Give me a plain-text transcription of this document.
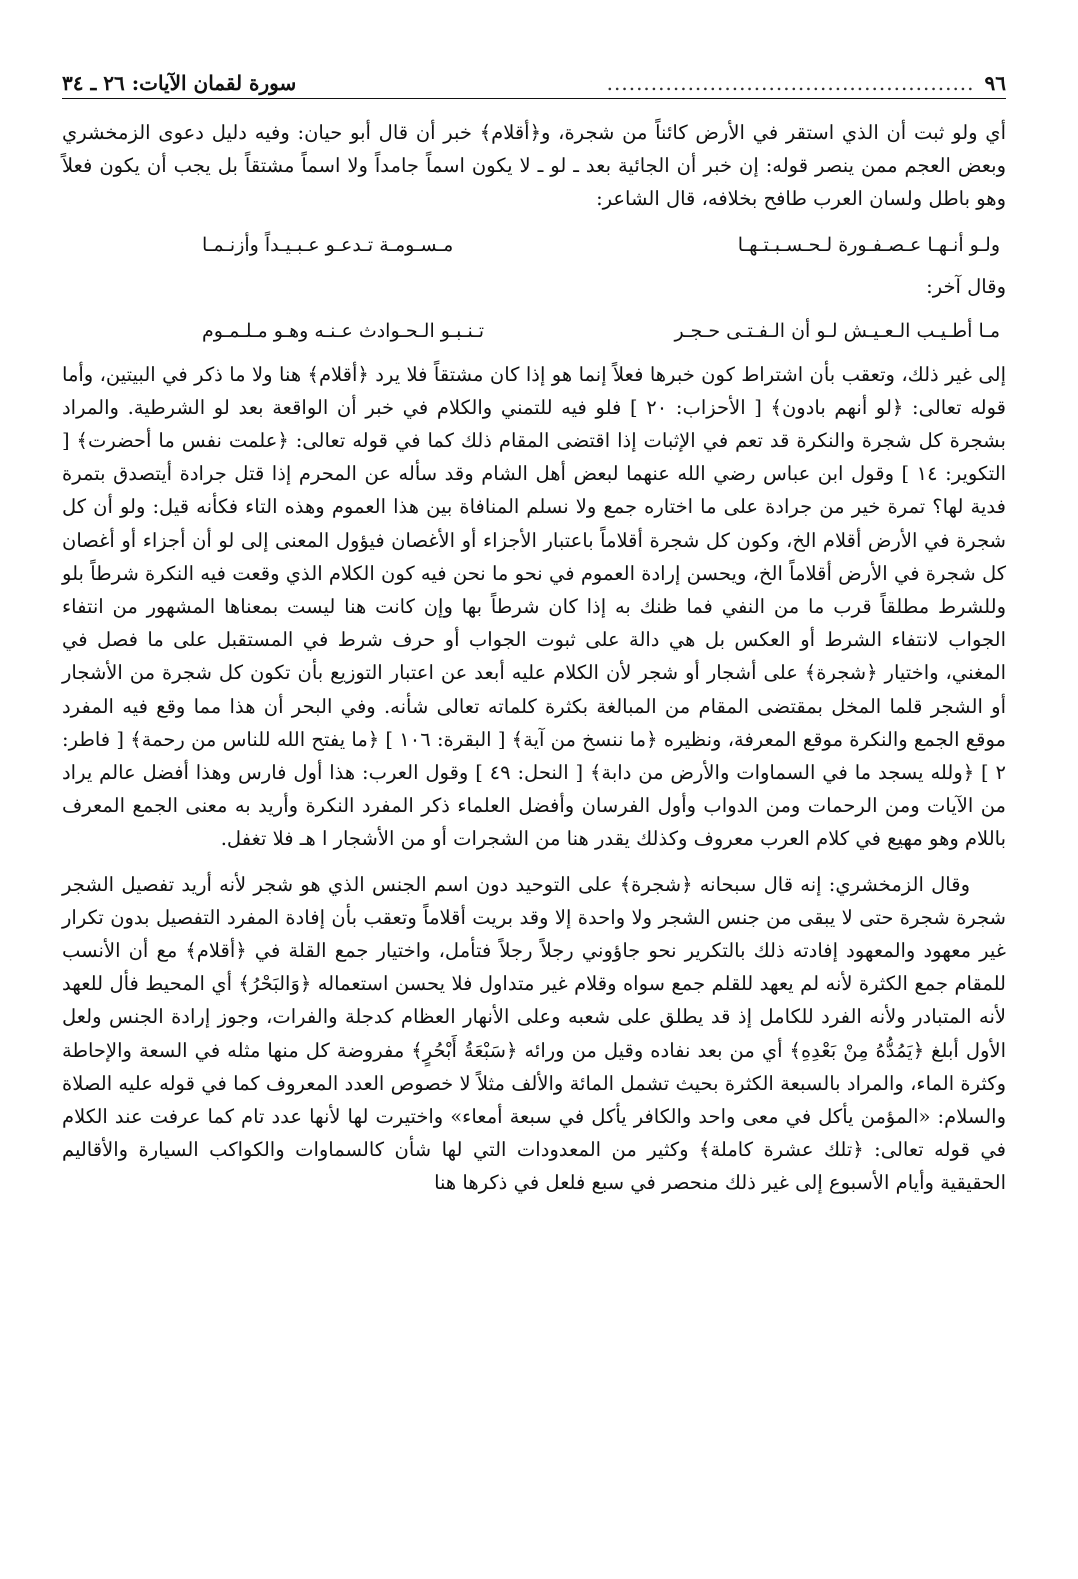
٩٦
..................................................
سورة لقمان الآيات: ٢٦ ـ ٣٤

أي ولو ثبت أن الذي استقر في الأرض كائناً من شجرة، و﴿أقلام﴾ خبر أن قال أبو حيان: وفيه دليل دعوى الزمخشري وبعض العجم ممن ينصر قوله: إن خبر أن الجائية بعد ـ لو ـ لا يكون اسماً جامداً ولا اسماً مشتقاً بل يجب أن يكون فعلاً وهو باطل ولسان العرب طافح بخلافه، قال الشاعر:

ولـو أنـهـا عـصـفـورة لـحـسـبـتـهـا
مـسـومـة تـدعـو عـبـيـداً وأزنـمـا

وقال آخر:

مـا أطـيـب الـعـيـش لـو أن الـفـتـى حـجـر
تـنـبـو الـحـوادث عـنـه وهـو مـلـمـوم

إلى غير ذلك، وتعقب بأن اشتراط كون خبرها فعلاً إنما هو إذا كان مشتقاً فلا يرد ﴿أقلام﴾ هنا ولا ما ذكر في البيتين، وأما قوله تعالى: ﴿لو أنهم بادون﴾ [ الأحزاب: ٢٠ ] فلو فيه للتمني والكلام في خبر أن الواقعة بعد لو الشرطية. والمراد بشجرة كل شجرة والنكرة قد تعم في الإثبات إذا اقتضى المقام ذلك كما في قوله تعالى: ﴿علمت نفس ما أحضرت﴾ [ التكوير: ١٤ ] وقول ابن عباس رضي الله عنهما لبعض أهل الشام وقد سأله عن المحرم إذا قتل جرادة أيتصدق بتمرة فدية لها؟ تمرة خير من جرادة على ما اختاره جمع ولا نسلم المنافاة بين هذا العموم وهذه التاء فكأنه قيل: ولو أن كل شجرة في الأرض أقلام الخ، وكون كل شجرة أقلاماً باعتبار الأجزاء أو الأغصان فيؤول المعنى إلى لو أن أجزاء أو أغصان كل شجرة في الأرض أقلاماً الخ، ويحسن إرادة العموم في نحو ما نحن فيه كون الكلام الذي وقعت فيه النكرة شرطاً بلو وللشرط مطلقاً قرب ما من النفي فما ظنك به إذا كان شرطاً بها وإن كانت هنا ليست بمعناها المشهور من انتفاء الجواب لانتفاء الشرط أو العكس بل هي دالة على ثبوت الجواب أو حرف شرط في المستقبل على ما فصل في المغني، واختيار ﴿شجرة﴾ على أشجار أو شجر لأن الكلام عليه أبعد عن اعتبار التوزيع بأن تكون كل شجرة من الأشجار أو الشجر قلما المخل بمقتضى المقام من المبالغة بكثرة كلماته تعالى شأنه. وفي البحر أن هذا مما وقع فيه المفرد موقع الجمع والنكرة موقع المعرفة، ونظيره ﴿ما ننسخ من آية﴾ [ البقرة: ١٠٦ ] ﴿ما يفتح الله للناس من رحمة﴾ [ فاطر: ٢ ] ﴿ولله يسجد ما في السماوات والأرض من دابة﴾ [ النحل: ٤٩ ] وقول العرب: هذا أول فارس وهذا أفضل عالم يراد من الآيات ومن الرحمات ومن الدواب وأول الفرسان وأفضل العلماء ذكر المفرد النكرة وأريد به معنى الجمع المعرف باللام وهو مهيع في كلام العرب معروف وكذلك يقدر هنا من الشجرات أو من الأشجار ا هـ فلا تغفل.

وقال الزمخشري: إنه قال سبحانه ﴿شجرة﴾ على التوحيد دون اسم الجنس الذي هو شجر لأنه أريد تفصيل الشجر شجرة شجرة حتى لا يبقى من جنس الشجر ولا واحدة إلا وقد بريت أقلاماً وتعقب بأن إفادة المفرد التفصيل بدون تكرار غير معهود والمعهود إفادته ذلك بالتكرير نحو جاؤوني رجلاً رجلاً فتأمل، واختيار جمع القلة في ﴿أقلام﴾ مع أن الأنسب للمقام جمع الكثرة لأنه لم يعهد للقلم جمع سواه وقلام غير متداول فلا يحسن استعماله ﴿وَالبَحْرُ﴾ أي المحيط فأل للعهد لأنه المتبادر ولأنه الفرد للكامل إذ قد يطلق على شعبه وعلى الأنهار العظام كدجلة والفرات، وجوز إرادة الجنس ولعل الأول أبلغ ﴿يَمُدُّهُ مِنْ بَعْدِهِ﴾ أي من بعد نفاده وقيل من ورائه ﴿سَبْعَةُ أَبْحُرٍ﴾ مفروضة كل منها مثله في السعة والإحاطة وكثرة الماء، والمراد بالسبعة الكثرة بحيث تشمل المائة والألف مثلاً لا خصوص العدد المعروف كما في قوله عليه الصلاة والسلام: «المؤمن يأكل في معى واحد والكافر يأكل في سبعة أمعاء» واختيرت لها لأنها عدد تام كما عرفت عند الكلام في قوله تعالى: ﴿تلك عشرة كاملة﴾ وكثير من المعدودات التي لها شأن كالسماوات والكواكب السيارة والأقاليم الحقيقية وأيام الأسبوع إلى غير ذلك منحصر في سبع فلعل في ذكرها هنا
